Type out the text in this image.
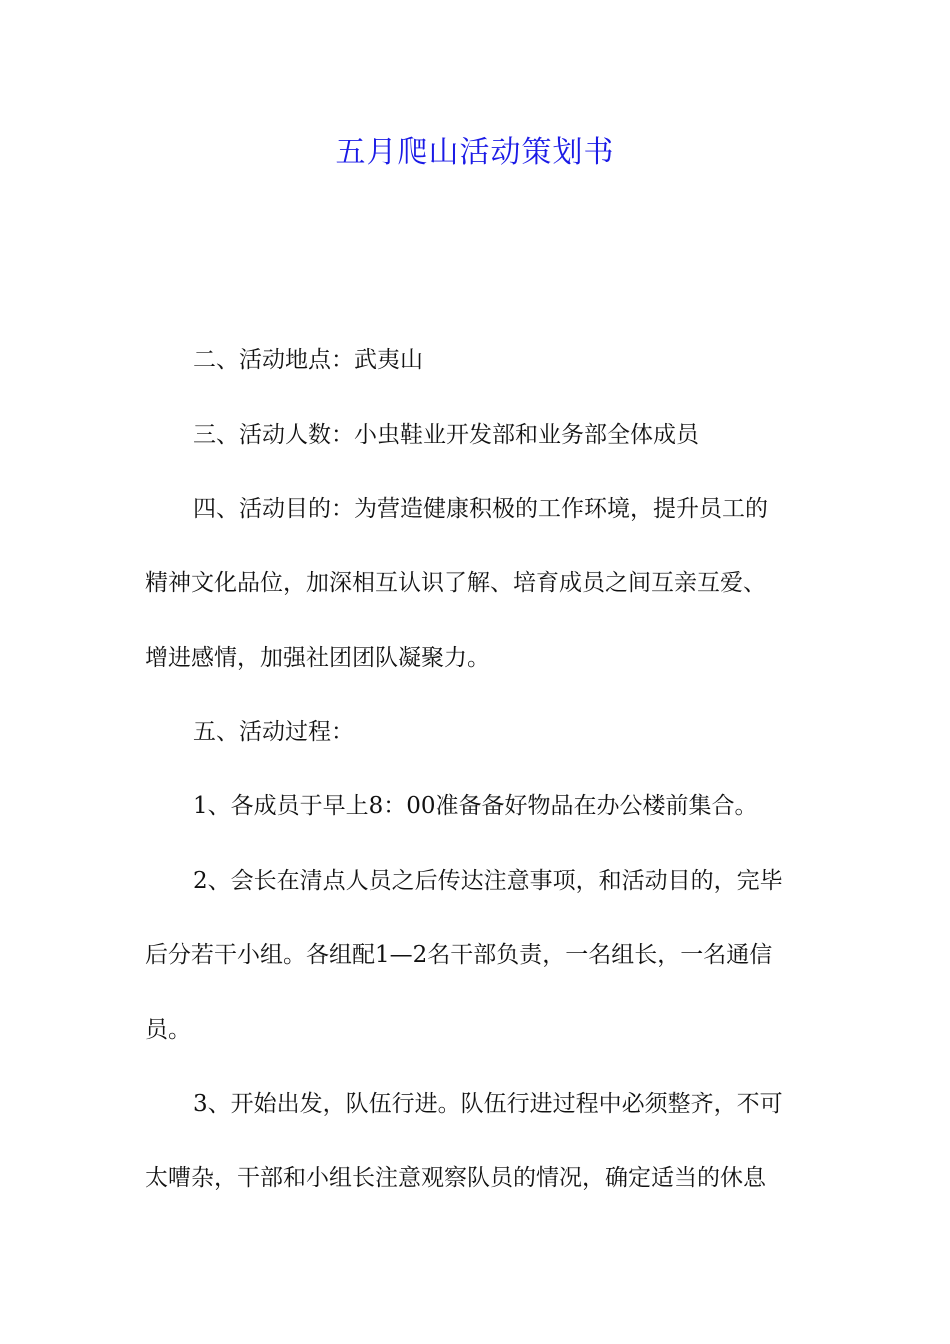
五月爬山活动策划书

二、活动地点：武夷山

三、活动人数：小虫鞋业开发部和业务部全体成员

四、活动目的：为营造健康积极的工作环境，提升员工的

精神文化品位，加深相互认识了解、培育成员之间互亲互爱、

增进感情，加强社团团队凝聚力。

五、活动过程：

1、各成员于早上8：00准备备好物品在办公楼前集合。

2、会长在清点人员之后传达注意事项，和活动目的，完毕

后分若干小组。各组配1—2名干部负责，一名组长，一名通信

员。

3、开始出发，队伍行进。队伍行进过程中必须整齐，不可

太嘈杂，干部和小组长注意观察队员的情况，确定适当的休息
